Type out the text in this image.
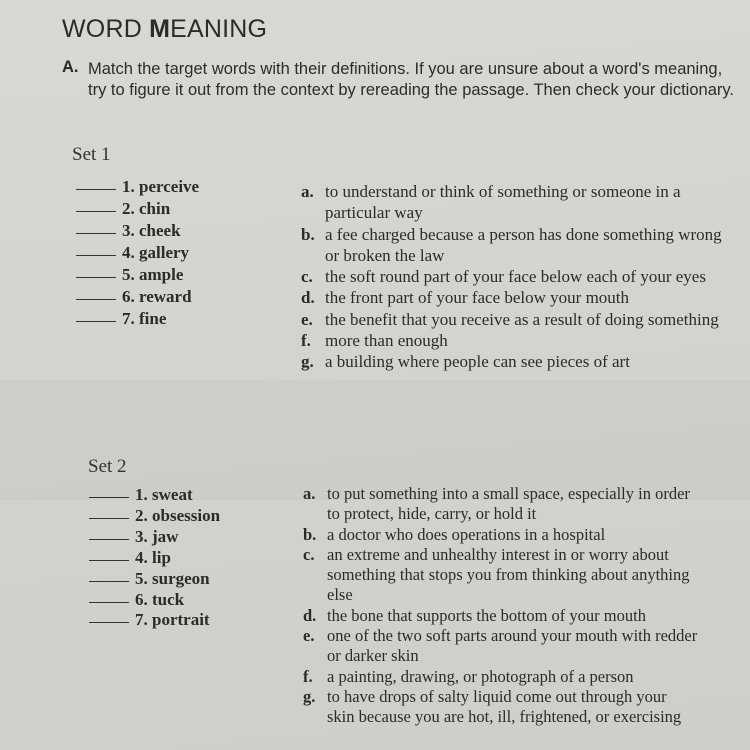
WORD MEANING
A. Match the target words with their definitions. If you are unsure about a word's meaning, try to figure it out from the context by rereading the passage. Then check your dictionary.
Set 1
1. perceive
2. chin
3. cheek
4. gallery
5. ample
6. reward
7. fine
a. to understand or think of something or someone in a particular way
b. a fee charged because a person has done something wrong or broken the law
c. the soft round part of your face below each of your eyes
d. the front part of your face below your mouth
e. the benefit that you receive as a result of doing something
f. more than enough
g. a building where people can see pieces of art
Set 2
1. sweat
2. obsession
3. jaw
4. lip
5. surgeon
6. tuck
7. portrait
a. to put something into a small space, especially in order to protect, hide, carry, or hold it
b. a doctor who does operations in a hospital
c. an extreme and unhealthy interest in or worry about something that stops you from thinking about anything else
d. the bone that supports the bottom of your mouth
e. one of the two soft parts around your mouth with redder or darker skin
f. a painting, drawing, or photograph of a person
g. to have drops of salty liquid come out through your skin because you are hot, ill, frightened, or exercising
